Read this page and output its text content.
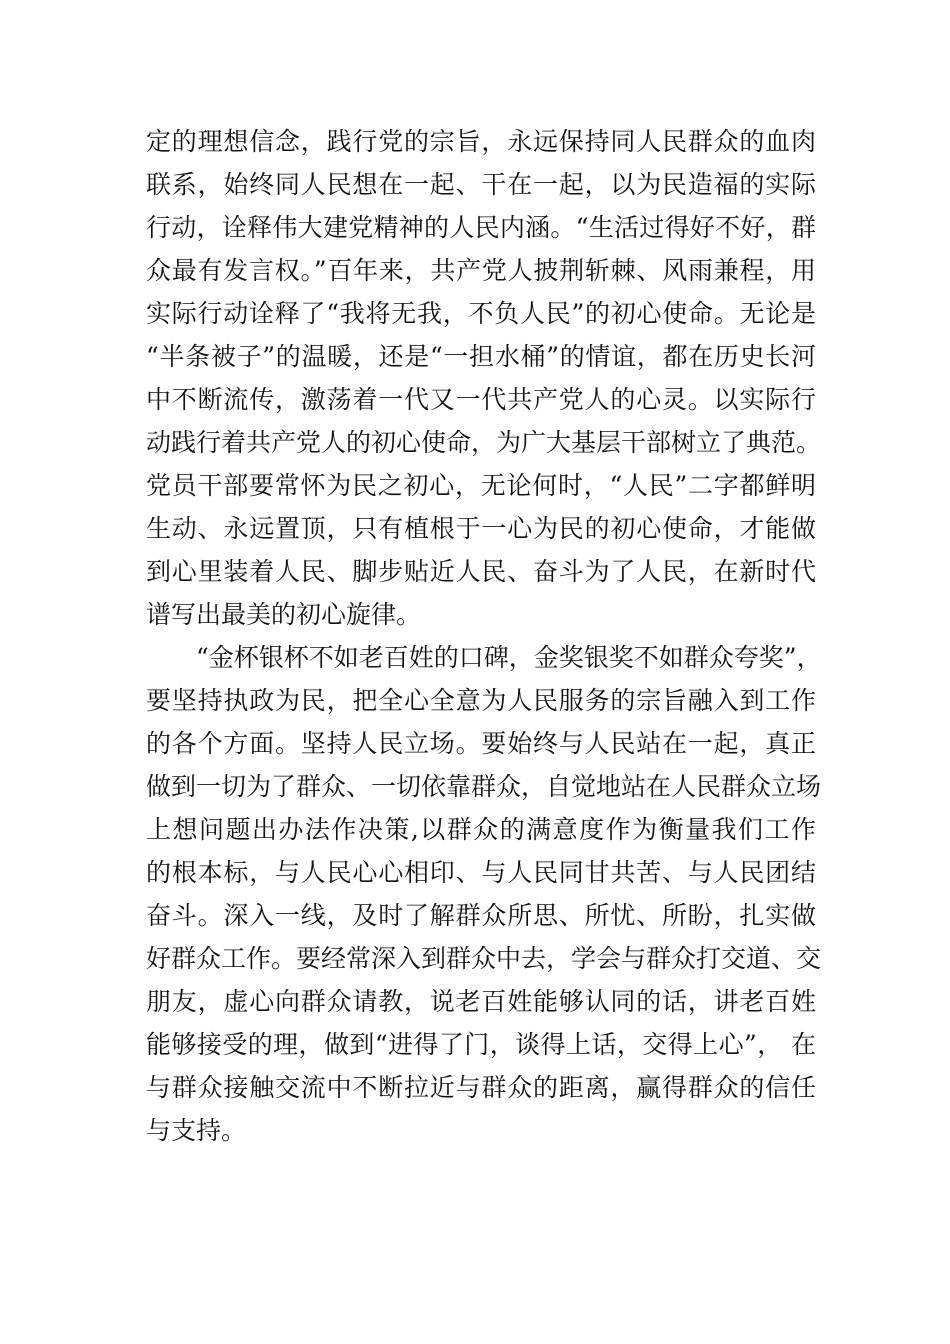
定的理想信念，践行党的宗旨，永远保持同人民群众的血肉
联系，始终同人民想在一起、干在一起，以为民造福的实际
行动，诠释伟大建党精神的人民内涵。“生活过得好不好，群
众最有发言权。”百年来，共产党人披荆斩棘、风雨兼程，用
实际行动诠释了“我将无我，不负人民”的初心使命。无论是
“半条被子”的温暖，还是“一担水桶”的情谊，都在历史长河
中不断流传，激荡着一代又一代共产党人的心灵。以实际行
动践行着共产党人的初心使命，为广大基层干部树立了典范。
党员干部要常怀为民之初心，无论何时，“人民”二字都鲜明
生动、永远置顶，只有植根于一心为民的初心使命，才能做
到心里装着人民、脚步贴近人民、奋斗为了人民，在新时代
谱写出最美的初心旋律。
“金杯银杯不如老百姓的口碑，金奖银奖不如群众夸奖”，
要坚持执政为民，把全心全意为人民服务的宗旨融入到工作
的各个方面。坚持人民立场。要始终与人民站在一起，真正
做到一切为了群众、一切依靠群众，自觉地站在人民群众立场
上想问题出办法作决策,以群众的满意度作为衡量我们工作
的根本标，与人民心心相印、与人民同甘共苦、与人民团结
奋斗。深入一线，及时了解群众所思、所忧、所盼，扎实做
好群众工作。要经常深入到群众中去，学会与群众打交道、交
朋友，虚心向群众请教，说老百姓能够认同的话，讲老百姓
能够接受的理，做到“进得了门，谈得上话，交得上心”， 在
与群众接触交流中不断拉近与群众的距离，赢得群众的信任
与支持。
